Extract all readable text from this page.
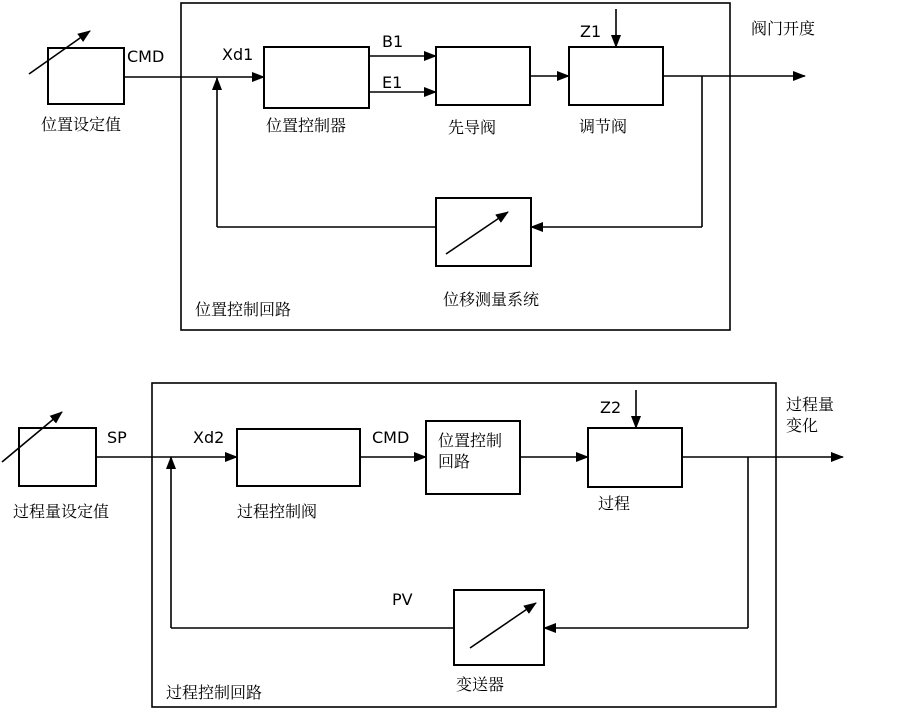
位置设定值
CMD	Xd1
位置控制器
B1
E1
先导阀	调节阀
Z1	阀门开度
位移测量系统
位置控制回路
过程量设定值
SP	Xd2
过程控制阀
CMD 位置控制
回路
过程
Z2	过程量
变化
变送器
PV
过程控制回路
